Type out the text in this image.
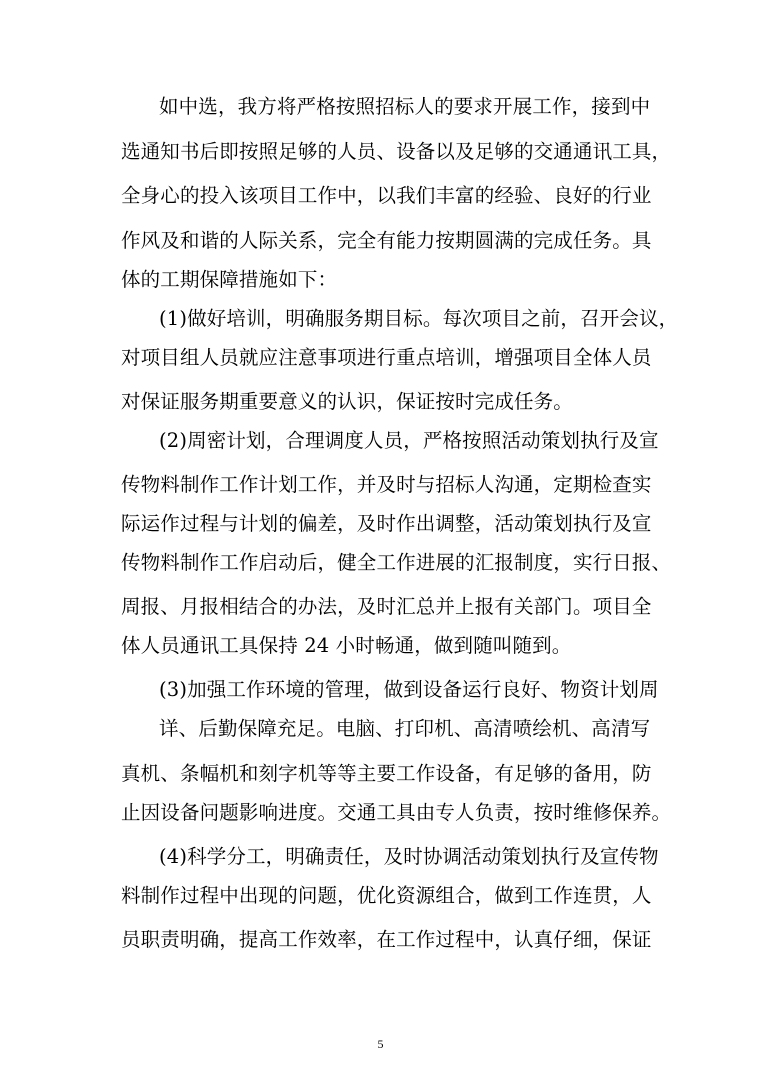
如中选，我方将严格按照招标人的要求开展工作，接到中
选通知书后即按照足够的人员、设备以及足够的交通通讯工具，
全身心的投入该项目工作中，以我们丰富的经验、良好的行业
作风及和谐的人际关系，完全有能力按期圆满的完成任务。具
体的工期保障措施如下：
(1)做好培训，明确服务期目标。每次项目之前，召开会议，
对项目组人员就应注意事项进行重点培训，增强项目全体人员
对保证服务期重要意义的认识，保证按时完成任务。
(2)周密计划，合理调度人员，严格按照活动策划执行及宣
传物料制作工作计划工作，并及时与招标人沟通，定期检查实
际运作过程与计划的偏差，及时作出调整，活动策划执行及宣
传物料制作工作启动后，健全工作进展的汇报制度，实行日报、
周报、月报相结合的办法，及时汇总并上报有关部门。项目全
体人员通讯工具保持 24 小时畅通，做到随叫随到。
(3)加强工作环境的管理，做到设备运行良好、物资计划周
详、后勤保障充足。电脑、打印机、高清喷绘机、高清写
真机、条幅机和刻字机等等主要工作设备，有足够的备用，防
止因设备问题影响进度。交通工具由专人负责，按时维修保养。
(4)科学分工，明确责任，及时协调活动策划执行及宣传物
料制作过程中出现的问题，优化资源组合，做到工作连贯，人
员职责明确，提高工作效率，在工作过程中，认真仔细，保证
5
